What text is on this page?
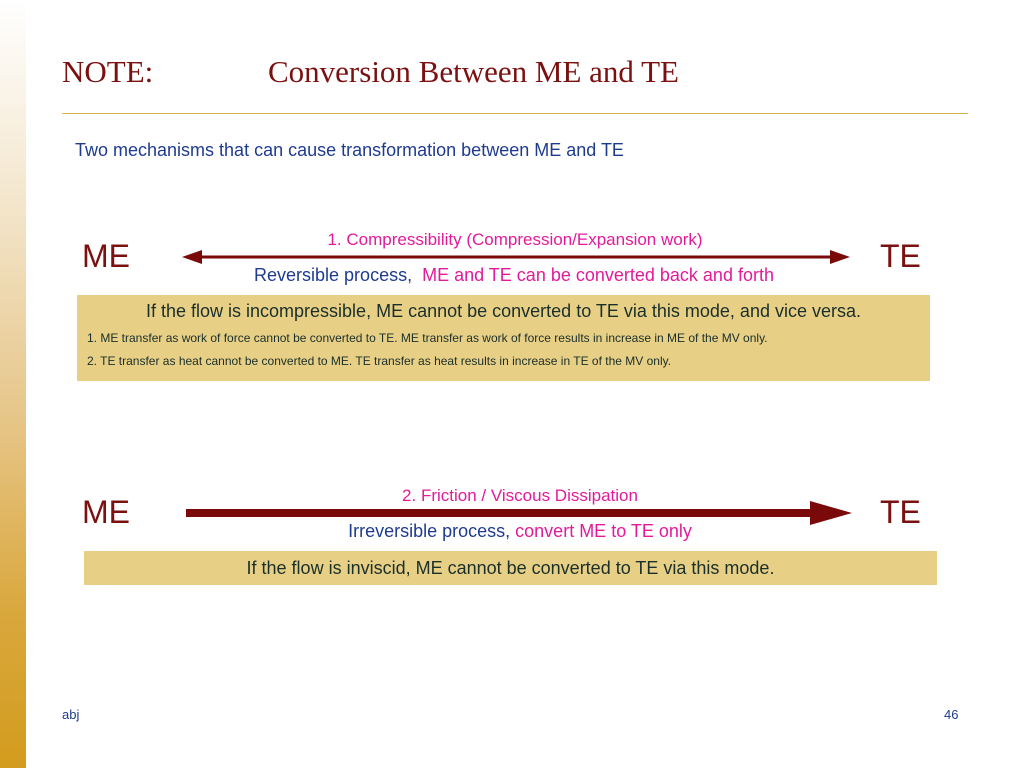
NOTE:	Conversion Between ME and TE
Two mechanisms that can cause transformation between ME and TE
ME	TE
1. Compressibility (Compression/Expansion work)
Reversible process, ME and TE can be converted back and forth
If the flow is incompressible, ME cannot be converted to TE via this mode, and vice versa.
1. ME transfer as work of force cannot be converted to TE. ME transfer as work of force results in increase in ME of the MV only.
2. TE transfer as heat cannot be converted to ME. TE transfer as heat results in increase in TE of the MV only.
ME	TE
2. Friction / Viscous Dissipation
Irreversible process, convert ME to TE only
If the flow is inviscid, ME cannot be converted to TE via this mode.
abj	46
